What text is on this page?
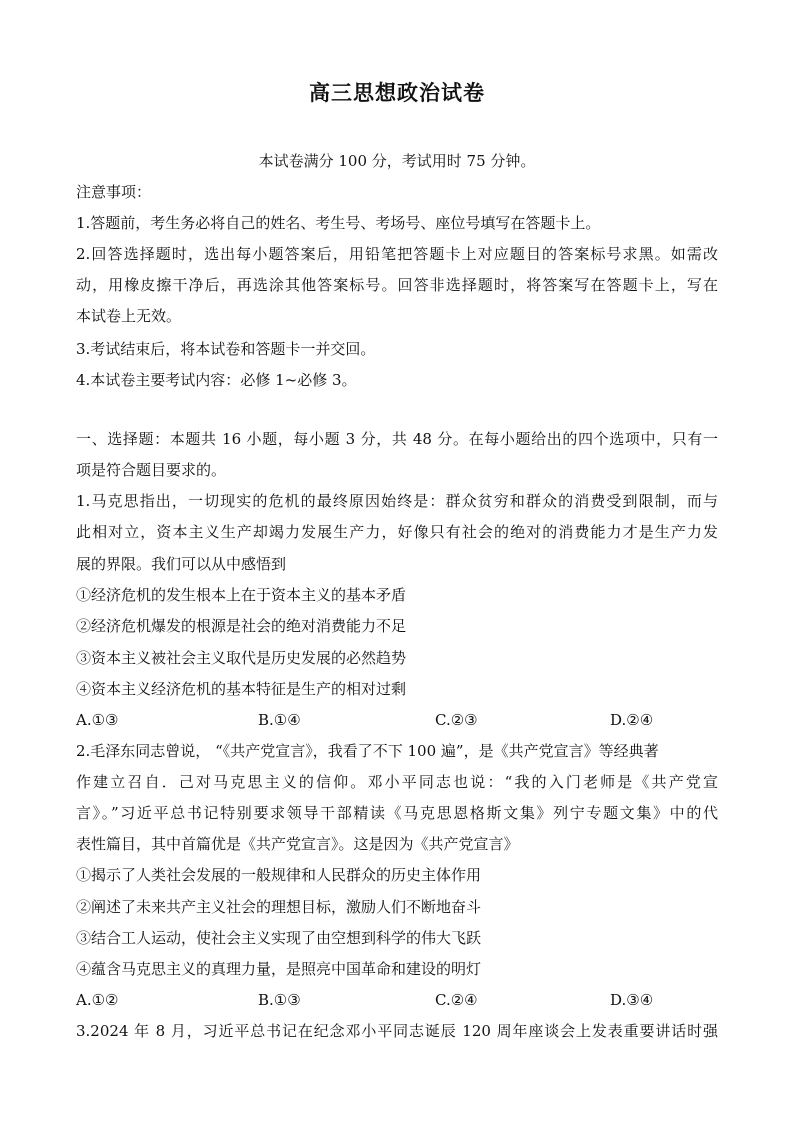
高三思想政治试卷
本试卷满分 100 分，考试用时 75 分钟。
注意事项：
1.答题前，考生务必将自己的姓名、考生号、考场号、座位号填写在答题卡上。
2.回答选择题时，选出每小题答案后，用铅笔把答题卡上对应题目的答案标号求黑。如需改
动，用橡皮擦干净后，再选涂其他答案标号。回答非选择题时，将答案写在答题卡上，写在
本试卷上无效。
3.考试结束后，将本试卷和答题卡一并交回。
4.本试卷主要考试内容：必修 1~必修 3。
一、选择题：本题共 16 小题，每小题 3 分，共 48 分。在每小题给出的四个选项中，只有一
项是符合题目要求的。
1.马克思指出，一切现实的危机的最终原因始终是：群众贫穷和群众的消费受到限制，而与
此相对立，资本主义生产却竭力发展生产力，好像只有社会的绝对的消费能力才是生产力发
展的界限。我们可以从中感悟到
①经济危机的发生根本上在于资本主义的基本矛盾
②经济危机爆发的根源是社会的绝对消费能力不足
③资本主义被社会主义取代是历史发展的必然趋势
④资本主义经济危机的基本特征是生产的相对过剩
A.①③	B.①④	C.②③	D.②④
2.毛泽东同志曾说， “《共产党宣言》，我看了不下 100 遍”，是《共产党宣言》等经典著
作建立召自．己对马克思主义的信仰。邓小平同志也说：“我的入门老师是《共产党宣
言》。”习近平总书记特别要求领导干部精读《马克思恩格斯文集》列宁专题文集》中的代
表性篇目，其中首篇优是《共产党宣言》。这是因为《共产党宣言》
①揭示了人类社会发展的一般规律和人民群众的历史主体作用
②阐述了未来共产主义社会的理想目标，激励人们不断地奋斗
③结合工人运动，使社会主义实现了由空想到科学的伟大飞跃
④蕴含马克思主义的真理力量，是照亮中国革命和建设的明灯
A.①②	B.①③	C.②④	D.③④
3.2024 年 8 月，习近平总书记在纪念邓小平同志诞辰 120 周年座谈会上发表重要讲话时强
